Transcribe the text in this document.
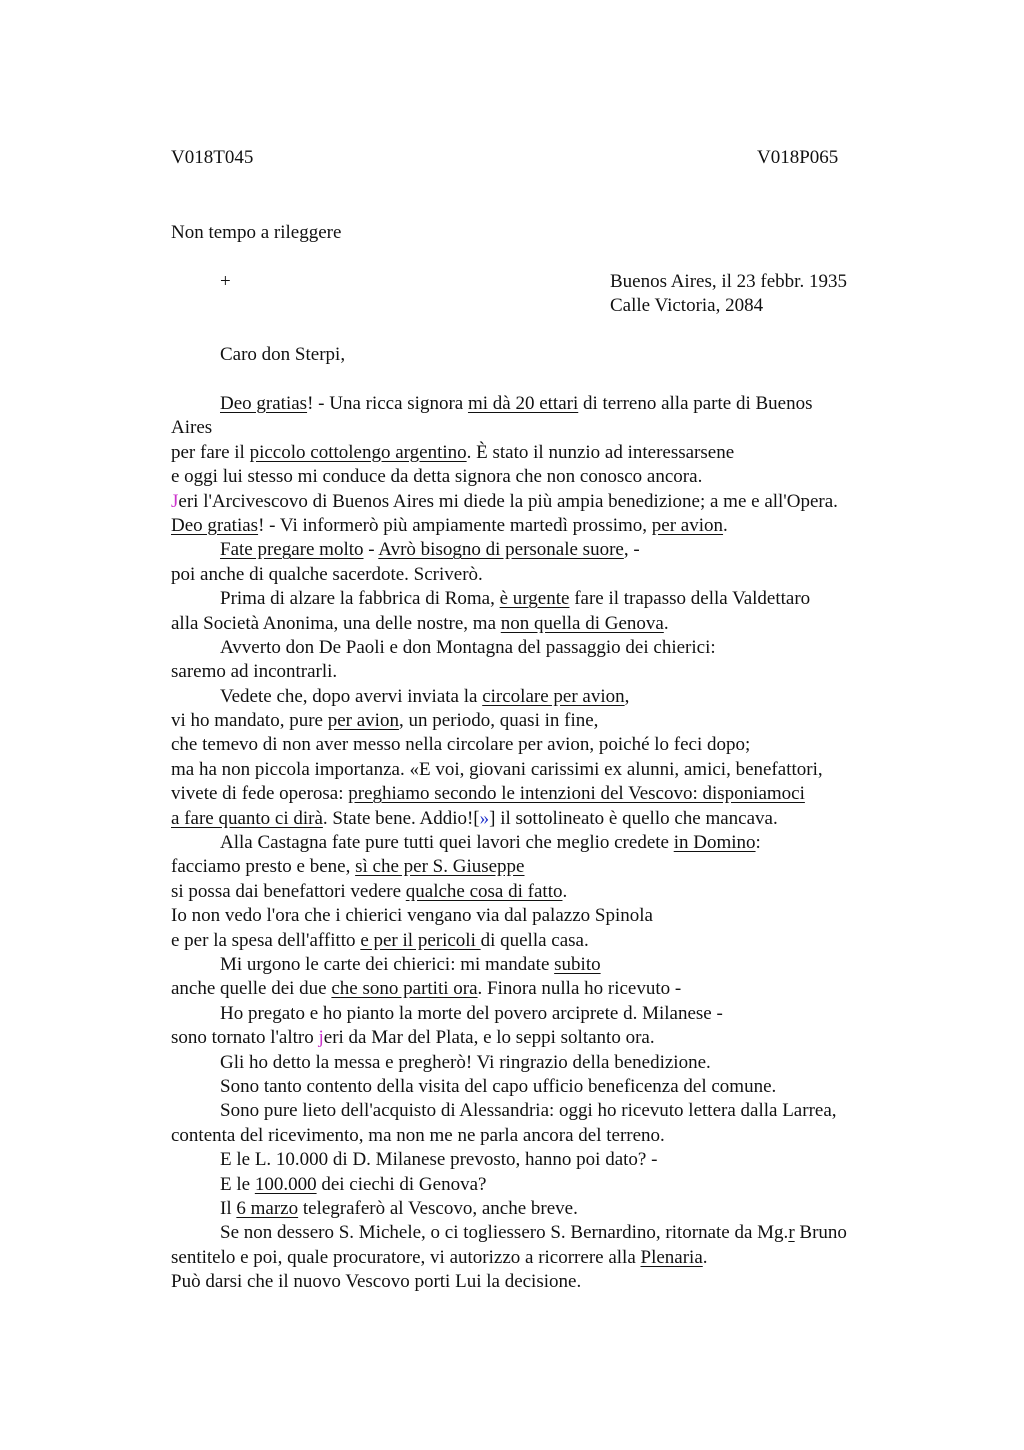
V018T045	V018P065
Non tempo a rileggere
+	Buenos Aires, il 23 febbr. 1935
Calle Victoria, 2084
Caro don Sterpi,
Deo gratias! - Una ricca signora mi dà 20 ettari di terreno alla parte di Buenos
Aires
per fare il piccolo cottolengo argentino. È stato il nunzio ad interessarsene
e oggi lui stesso mi conduce da detta signora che non conosco ancora.
Jeri l'Arcivescovo di Buenos Aires mi diede la più ampia benedizione; a me e all'Opera.
Deo gratias! - Vi informerò più ampiamente martedì prossimo, per avion.
Fate pregare molto - Avrò bisogno di personale suore, -
poi anche di qualche sacerdote. Scriverò.
Prima di alzare la fabbrica di Roma, è urgente fare il trapasso della Valdettaro
alla Società Anonima, una delle nostre, ma non quella di Genova.
Avverto don De Paoli e don Montagna del passaggio dei chierici:
saremo ad incontrarli.
Vedete che, dopo avervi inviata la circolare per avion,
vi ho mandato, pure per avion, un periodo, quasi in fine,
che temevo di non aver messo nella circolare per avion, poiché lo feci dopo;
ma ha non piccola importanza. «E voi, giovani carissimi ex alunni, amici, benefattori,
vivete di fede operosa: preghiamo secondo le intenzioni del Vescovo: disponiamoci
a fare quanto ci dirà. State bene. Addio![»] il sottolineato è quello che mancava.
Alla Castagna fate pure tutti quei lavori che meglio credete in Domino:
facciamo presto e bene, sì che per S. Giuseppe
si possa dai benefattori vedere qualche cosa di fatto.
Io non vedo l'ora che i chierici vengano via dal palazzo Spinola
e per la spesa dell'affitto e per il pericoli di quella casa.
Mi urgono le carte dei chierici: mi mandate subito
anche quelle dei due che sono partiti ora. Finora nulla ho ricevuto -
Ho pregato e ho pianto la morte del povero arciprete d. Milanese -
sono tornato l'altro jeri da Mar del Plata, e lo seppi soltanto ora.
Gli ho detto la messa e pregherò! Vi ringrazio della benedizione.
Sono tanto contento della visita del capo ufficio beneficenza del comune.
Sono pure lieto dell'acquisto di Alessandria: oggi ho ricevuto lettera dalla Larrea,
contenta del ricevimento, ma non me ne parla ancora del terreno.
E le L. 10.000 di D. Milanese prevosto, hanno poi dato? -
E le 100.000 dei ciechi di Genova?
Il 6 marzo telegraferò al Vescovo, anche breve.
Se non dessero S. Michele, o ci togliessero S. Bernardino, ritornate da Mg.r Bruno
sentitelo e poi, quale procuratore, vi autorizzo a ricorrere alla Plenaria.
Può darsi che il nuovo Vescovo porti Lui la decisione.
